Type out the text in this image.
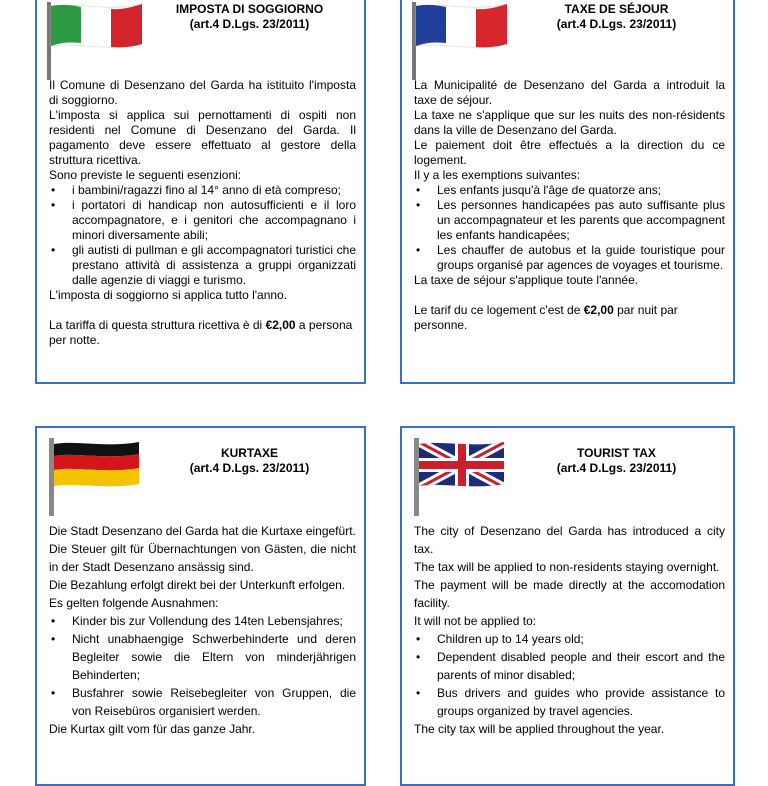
IMPOSTA DI SOGGIORNO
(art.4 D.Lgs. 23/2011)

Il Comune di Desenzano del Garda ha istituito l'imposta di soggiorno.

L'imposta si applica sui pernottamenti di ospiti non residenti nel Comune di Desenzano del Garda. Il pagamento deve essere effettuato al gestore della struttura ricettiva.

Sono previste le seguenti esenzioni:

• i bambini/ragazzi fino al 14° anno di età compreso;
• i portatori di handicap non autosufficienti e il loro accompagnatore, e i genitori che accompagnano i minori diversamente abili;
• gli autisti di pullman e gli accompagnatori turistici che prestano attività di assistenza a gruppi organizzati dalle agenzie di viaggi e turismo.

L'imposta di soggiorno si applica tutto l'anno.

La tariffa di questa struttura ricettiva è di €2,00 a persona per notte.

TAXE DE SÉJOUR
(art.4 D.Lgs. 23/2011)

La Municipalité de Desenzano del Garda a introduit la taxe de séjour.

La taxe ne s'applique que sur les nuits des non-résidents dans la ville de Desenzano del Garda.

Le paiement doit être effectués a la direction du ce logement.

Il y a les exemptions suivantes:

• Les enfants jusqu'à l'âge de quatorze ans;
• Les personnes handicapées pas auto suffisante plus un accompagnateur et les parents que accompagnent les enfants handicapées;
• Les chauffer de autobus et la guide touristique pour groups organisé par agences de voyages et tourisme.

La taxe de séjour s'applique toute l'année.

Le tarif du ce logement c'est de €2,00 par nuit par personne.

KURTAXE
(art.4 D.Lgs. 23/2011)

Die Stadt Desenzano del Garda hat die Kurtaxe eingefürt.

Die Steuer gilt für Übernachtungen von Gästen, die nicht in der Stadt Desenzano ansässig sind.

Die Bezahlung erfolgt direkt bei der Unterkunft erfolgen.

Es gelten folgende Ausnahmen:

• Kinder bis zur Vollendung des 14ten Lebensjahres;
• Nicht unabhaengige Schwerbehinderte und deren Begleiter sowie die Eltern von minderjährigen Behinderten;
• Busfahrer sowie Reisebegleiter von Gruppen, die von Reisebüros organisiert werden.

Die Kurtax gilt vom für das ganze Jahr.

TOURIST TAX
(art.4 D.Lgs. 23/2011)

The city of Desenzano del Garda has introduced a city tax.

The tax will be applied to non-residents staying overnight.

The payment will be made directly at the accomodation facility.

It will not be applied to:

• Children up to 14 years old;
• Dependent disabled people and their escort and the parents of minor disabled;
• Bus drivers and guides who provide assistance to groups organized by travel agencies.

The city tax will be applied throughout the year.
